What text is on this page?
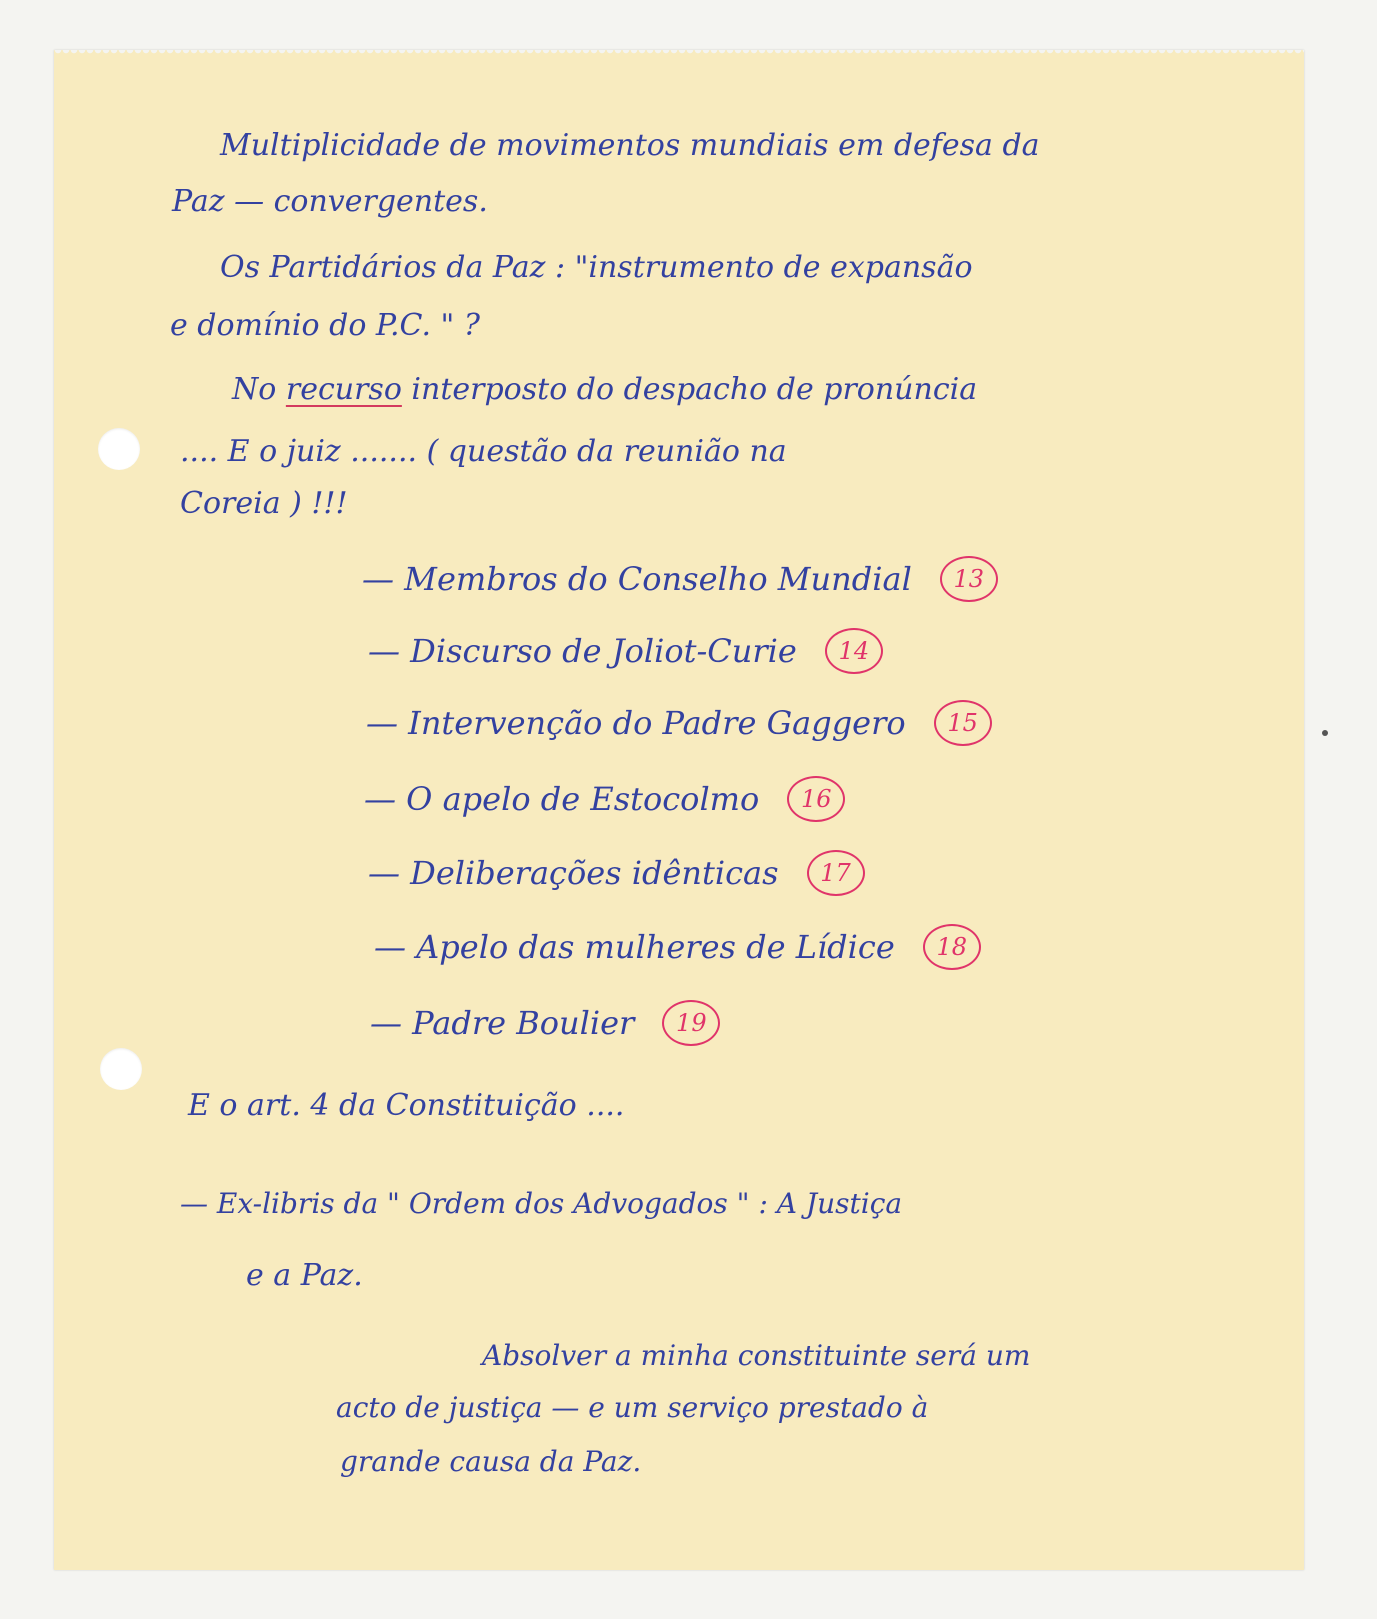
Multiplicidade de movimentos mundiais em defesa da
Paz — convergentes.
Os Partidários da Paz : "instrumento de expansão
e domínio do P.C. " ?
No recurso interposto do despacho de pronúncia
.... E o juiz ....... ( questão da reunião na
Coreia ) !!!
— Membros do Conselho Mundial	13
— Discurso de Joliot-Curie	14
— Intervenção do Padre Gaggero	15
— O apelo de Estocolmo	16
— Deliberações idênticas	17
— Apelo das mulheres de Lídice	18
— Padre Boulier	19
E o art. 4 da Constituição ....
— Ex-libris da " Ordem dos Advogados " : A Justiça
e a Paz.
Absolver a minha constituinte será um
acto de justiça — e um serviço prestado à
grande causa da Paz.
